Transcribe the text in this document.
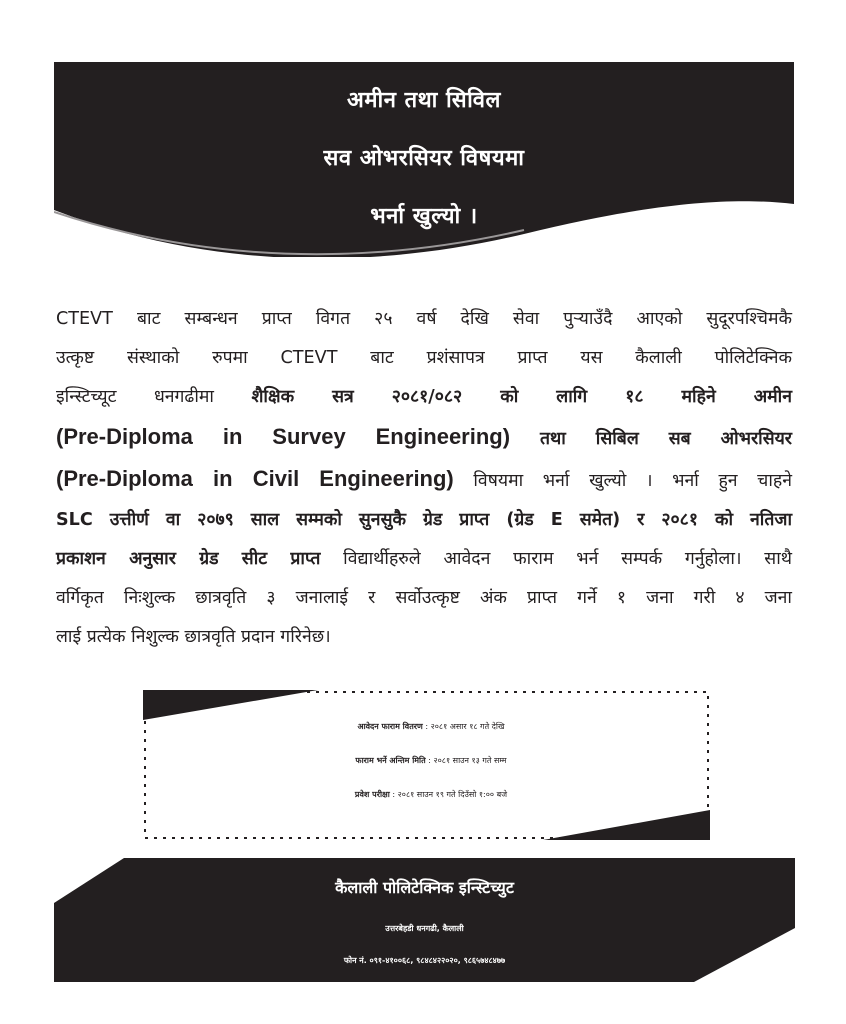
अमीन तथा सिविल
सव ओभरसियर विषयमा
भर्ना खुल्यो ।
CTEVT बाट सम्बन्धन प्राप्त विगत २५ वर्ष देखि सेवा पुऱ्याउँदै आएको सुदूरपश्चिमकै
उत्कृष्ट संस्थाको रुपमा CTEVT बाट प्रशंसापत्र प्राप्त यस कैलाली पोलिटेक्निक
इन्स्टिच्यूट धनगढीमा शैक्षिक सत्र २०८१/०८२ को लागि १८ महिने अमीन
(Pre-Diploma in Survey Engineering) तथा सिबिल सब ओभरसियर
(Pre-Diploma in Civil Engineering) विषयमा भर्ना खुल्यो । भर्ना हुन चाहने
SLC उत्तीर्ण वा २०७९ साल सम्मको सुनसुकै ग्रेड प्राप्त (ग्रेड E समेत) र २०८१ को नतिजा
प्रकाशन अनुसार ग्रेड सीट प्राप्त विद्यार्थीहरुले आवेदन फाराम भर्न सम्पर्क गर्नुहोला। साथै
वर्गिकृत निःशुल्क छात्रवृति ३ जनालाई र सर्वोउत्कृष्ट अंक प्राप्त गर्ने १ जना गरी ४ जना
लाई प्रत्येक निशुल्क छात्रवृति प्रदान गरिनेछ।
आवेदन फाराम वितरण : २०८१ असार १८ गते देखि
फाराम भर्ने अन्तिम मिति : २०८१ साउन १३ गते सम्म
प्रवेश परीक्षा : २०८१ साउन १९ गते दिउँसो १:०० बजे
कैलाली पोलिटेक्निक इन्स्टिच्युट
उत्तरबेहडी धनगढी, कैलाली
फोन नं. ०९१-४१००६८, ९८४८४२२०२०, ९८६५७४८४७७
